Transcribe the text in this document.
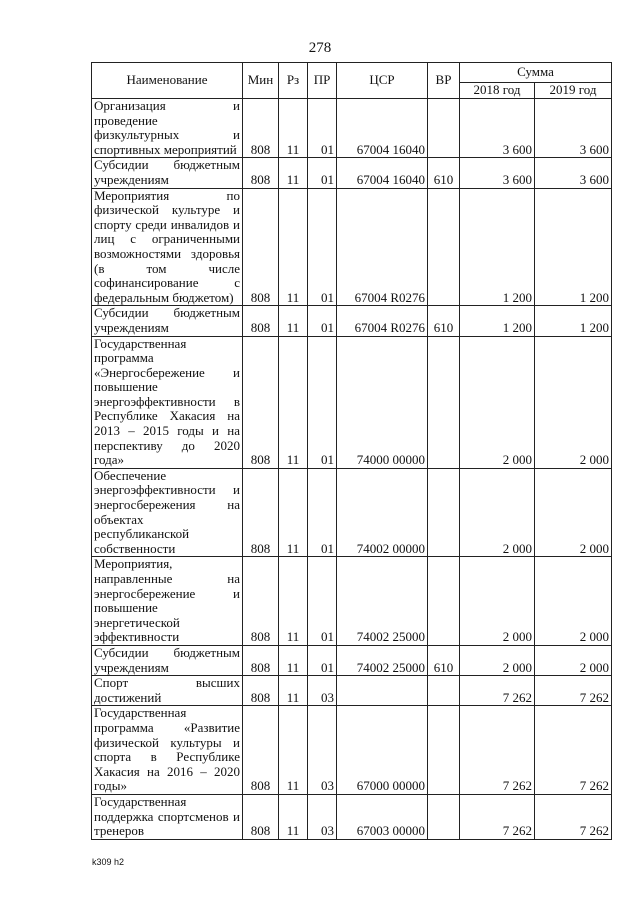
278
Наименование	Мин	Рз	ПР	ЦСР	ВР	Сумма	
						2018 год	2019 год
Организация и проведение физкультурных и спортивных мероприятий	808	11	01	67004 16040		3 600	3 600
Субсидии бюджетным учреждениям	808	11	01	67004 16040	610	3 600	3 600
Мероприятия по физической культуре и спорту среди инвалидов и лиц с ограниченными возможностями здоровья (в том числе софинансирование с федеральным бюджетом)	808	11	01	67004 R0276		1 200	1 200
Субсидии бюджетным учреждениям	808	11	01	67004 R0276	610	1 200	1 200
Государственная программа «Энергосбережение и повышение энергоэффективности в Республике Хакасия на 2013 – 2015 годы и на перспективу до 2020 года»	808	11	01	74000 00000		2 000	2 000
Обеспечение энергоэффективности и энергосбережения на объектах республиканской собственности	808	11	01	74002 00000		2 000	2 000
Мероприятия, направленные на энергосбережение и повышение энергетической эффективности	808	11	01	74002 25000		2 000	2 000
Субсидии бюджетным учреждениям	808	11	01	74002 25000	610	2 000	2 000
Спорт высших достижений	808	11	03			7 262	7 262
Государственная программа «Развитие физической культуры и спорта в Республике Хакасия на 2016 – 2020 годы»	808	11	03	67000 00000		7 262	7 262
Государственная поддержка спортсменов и тренеров	808	11	03	67003 00000		7 262	7 262
k309 h2
